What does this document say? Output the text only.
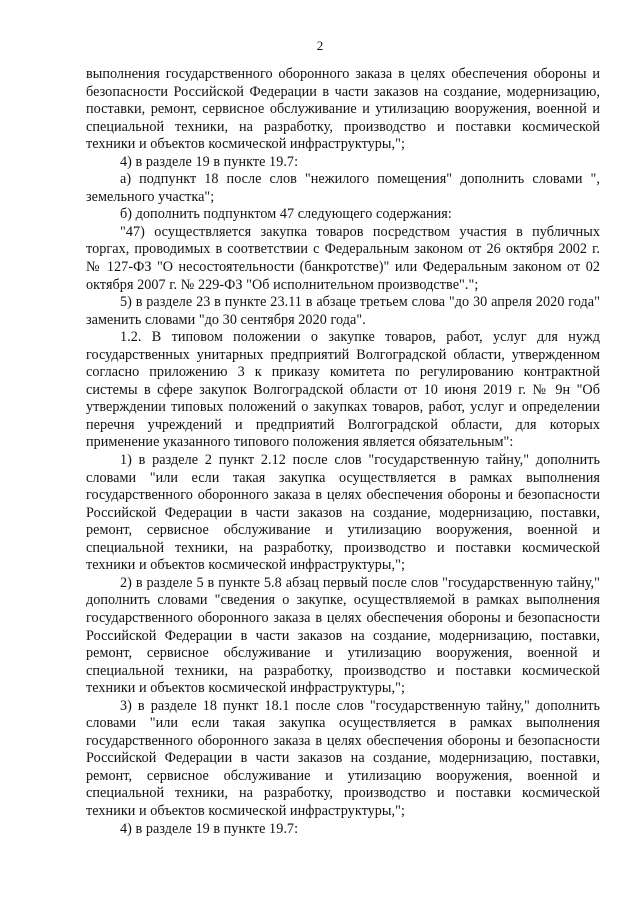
2

выполнения государственного оборонного заказа в целях обеспечения обороны и безопасности Российской Федерации в части заказов на создание, модернизацию, поставки, ремонт, сервисное обслуживание и утилизацию вооружения, военной и специальной техники, на разработку, производство и поставки космической техники и объектов космической инфраструктуры,";

4) в разделе 19 в пункте 19.7:

а) подпункт 18 после слов "нежилого помещения" дополнить словами ", земельного участка";

б) дополнить подпунктом 47 следующего содержания:

"47) осуществляется закупка товаров посредством участия в публичных торгах, проводимых в соответствии с Федеральным законом от 26 октября 2002 г. № 127-ФЗ "О несостоятельности (банкротстве)" или Федеральным законом от 02 октября 2007 г. № 229-ФЗ "Об исполнительном производстве".";

5) в разделе 23 в пункте 23.11 в абзаце третьем слова "до 30 апреля 2020 года" заменить словами "до 30 сентября 2020 года".

1.2. В типовом положении о закупке товаров, работ, услуг для нужд государственных унитарных предприятий Волгоградской области, утвержденном согласно приложению 3 к приказу комитета по регулированию контрактной системы в сфере закупок Волгоградской области от 10 июня 2019 г. № 9н "Об утверждении типовых положений о закупках товаров, работ, услуг и определении перечня учреждений и предприятий Волгоградской области, для которых применение указанного типового положения является обязательным":

1) в разделе 2 пункт 2.12 после слов "государственную тайну," дополнить словами "или если такая закупка осуществляется в рамках выполнения государственного оборонного заказа в целях обеспечения обороны и безопасности Российской Федерации в части заказов на создание, модернизацию, поставки, ремонт, сервисное обслуживание и утилизацию вооружения, военной и специальной техники, на разработку, производство и поставки космической техники и объектов космической инфраструктуры,";

2) в разделе 5 в пункте 5.8 абзац первый после слов "государственную тайну," дополнить словами "сведения о закупке, осуществляемой в рамках выполнения государственного оборонного заказа в целях обеспечения обороны и безопасности Российской Федерации в части заказов на создание, модернизацию, поставки, ремонт, сервисное обслуживание и утилизацию вооружения, военной и специальной техники, на разработку, производство и поставки космической техники и объектов космической инфраструктуры,";

3) в разделе 18 пункт 18.1 после слов "государственную тайну," дополнить словами "или если такая закупка осуществляется в рамках выполнения государственного оборонного заказа в целях обеспечения обороны и безопасности Российской Федерации в части заказов на создание, модернизацию, поставки, ремонт, сервисное обслуживание и утилизацию вооружения, военной и специальной техники, на разработку, производство и поставки космической техники и объектов космической инфраструктуры,";

4) в разделе 19 в пункте 19.7:
